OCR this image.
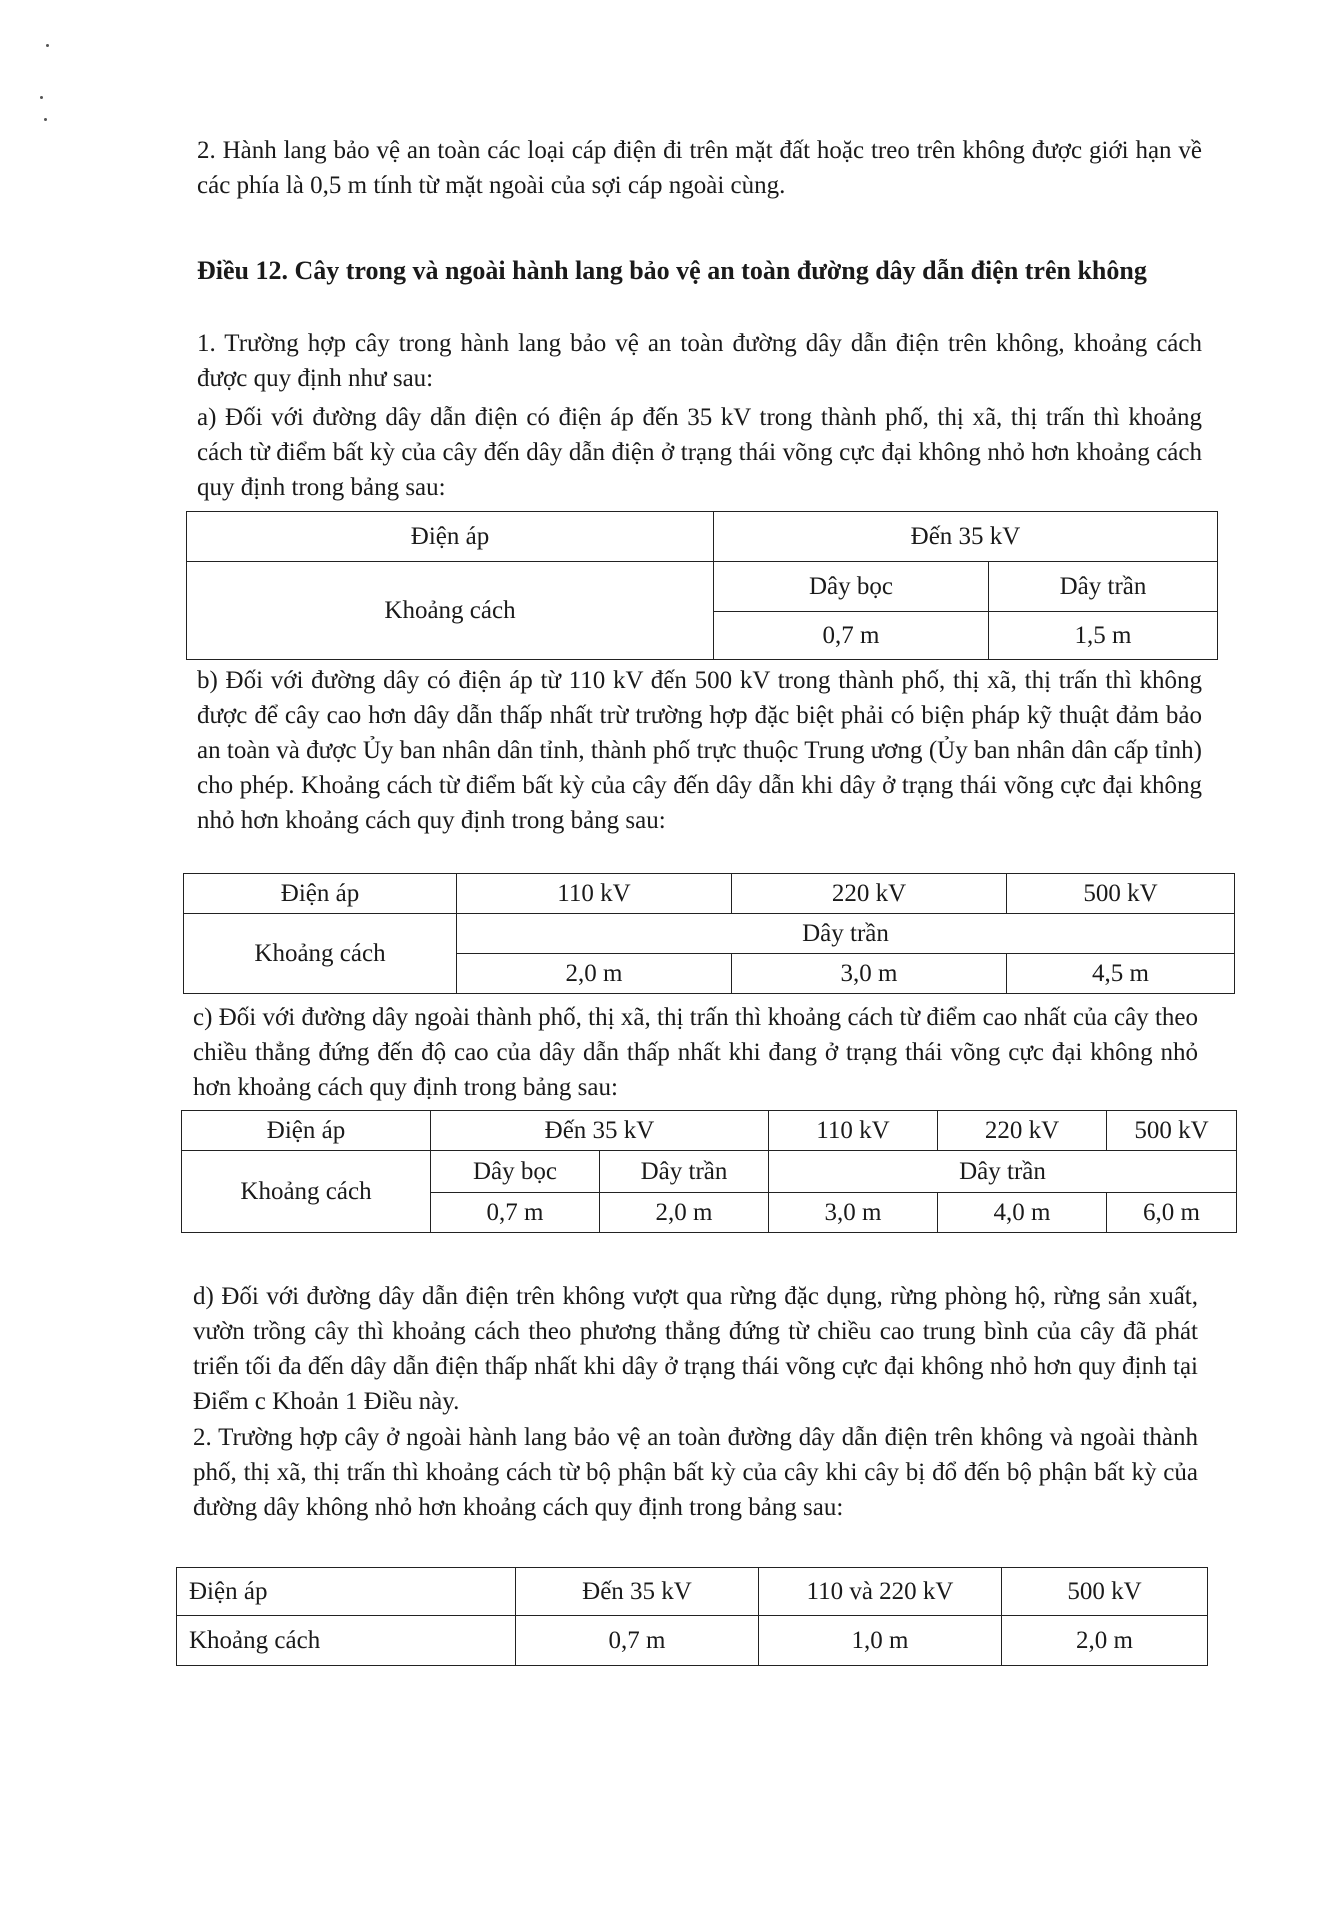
2. Hành lang bảo vệ an toàn các loại cáp điện đi trên mặt đất hoặc treo trên không được giới hạn về các phía là 0,5 m tính từ mặt ngoài của sợi cáp ngoài cùng.

Điều 12. Cây trong và ngoài hành lang bảo vệ an toàn đường dây dẫn điện trên không

1. Trường hợp cây trong hành lang bảo vệ an toàn đường dây dẫn điện trên không, khoảng cách được quy định như sau:

a) Đối với đường dây dẫn điện có điện áp đến 35 kV trong thành phố, thị xã, thị trấn thì khoảng cách từ điểm bất kỳ của cây đến dây dẫn điện ở trạng thái võng cực đại không nhỏ hơn khoảng cách quy định trong bảng sau:

Điện áp	Đến 35 kV	
Khoảng cách	Dây bọc	Dây trần
	0,7 m	1,5 m

b) Đối với đường dây có điện áp từ 110 kV đến 500 kV trong thành phố, thị xã, thị trấn thì không được để cây cao hơn dây dẫn thấp nhất trừ trường hợp đặc biệt phải có biện pháp kỹ thuật đảm bảo an toàn và được Ủy ban nhân dân tỉnh, thành phố trực thuộc Trung ương (Ủy ban nhân dân cấp tỉnh) cho phép. Khoảng cách từ điểm bất kỳ của cây đến dây dẫn khi dây ở trạng thái võng cực đại không nhỏ hơn khoảng cách quy định trong bảng sau:

Điện áp	110 kV	220 kV	500 kV
Khoảng cách	Dây trần		
	2,0 m	3,0 m	4,5 m

c) Đối với đường dây ngoài thành phố, thị xã, thị trấn thì khoảng cách từ điểm cao nhất của cây theo chiều thẳng đứng đến độ cao của dây dẫn thấp nhất khi đang ở trạng thái võng cực đại không nhỏ hơn khoảng cách quy định trong bảng sau:

Điện áp	Đến 35 kV		110 kV	220 kV	500 kV
Khoảng cách	Dây bọc	Dây trần	Dây trần		
	0,7 m	2,0 m	3,0 m	4,0 m	6,0 m

d) Đối với đường dây dẫn điện trên không vượt qua rừng đặc dụng, rừng phòng hộ, rừng sản xuất, vườn trồng cây thì khoảng cách theo phương thẳng đứng từ chiều cao trung bình của cây đã phát triển tối đa đến dây dẫn điện thấp nhất khi dây ở trạng thái võng cực đại không nhỏ hơn quy định tại Điểm c Khoản 1 Điều này.

2. Trường hợp cây ở ngoài hành lang bảo vệ an toàn đường dây dẫn điện trên không và ngoài thành phố, thị xã, thị trấn thì khoảng cách từ bộ phận bất kỳ của cây khi cây bị đổ đến bộ phận bất kỳ của đường dây không nhỏ hơn khoảng cách quy định trong bảng sau:

Điện áp	Đến 35 kV	110 và 220 kV	500 kV
Khoảng cách	0,7 m	1,0 m	2,0 m
